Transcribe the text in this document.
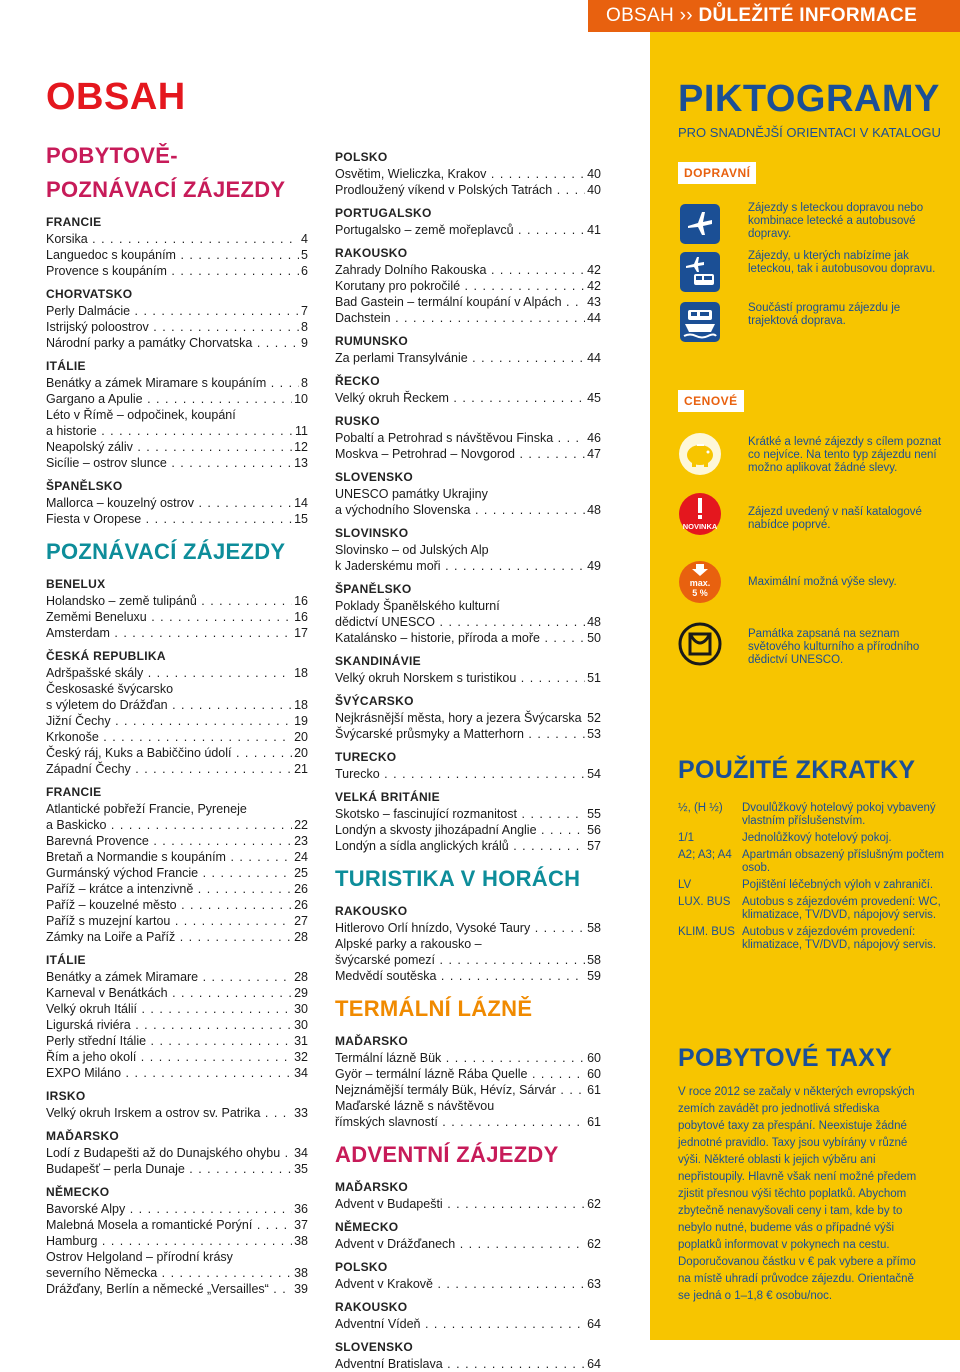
OBSAH ›› DŮLEŽITÉ INFORMACE
OBSAH
POBYTOVĚ-POZNÁVACÍ ZÁJEZDY
FRANCIE
Korsika . . .	4
Languedoc s koupáním . . .	5
Provence s koupáním . . .	6
CHORVATSKO
Perly Dalmácie . . .	7
Istrijský poloostrov . . .	8
Národní parky a památky Chorvatska . . .	9
ITÁLIE
Benátky a zámek Miramare s koupáním . . .	8
Gargano a Apulie . . .	10
Léto v Římě – odpočinek, koupání
a historie . . .	11
Neapolský záliv . . .	12
Sicílie – ostrov slunce . . .	13
ŠPANĚLSKO
Mallorca – kouzelný ostrov . . .	14
Fiesta v Oropese . . .	15
POZNÁVACÍ ZÁJEZDY
BENELUX
Holandsko – země tulipánů . . .	16
Zeměmi Beneluxu . . .	16
Amsterdam . . .	17
ČESKÁ REPUBLIKA
Adršpašské skály . . .	18
Českosaské švýcarsko
s výletem do Drážďan . . .	18
Jižní Čechy . . .	19
Krkonoše . . .	20
Český ráj, Kuks a Babiččino údolí . . .	20
Západní Čechy . . .	21
FRANCIE
Atlantické pobřeží Francie, Pyreneje
a Baskicko . . .	22
Barevná Provence . . .	23
Bretaň a Normandie s koupáním . . .	24
Gurmánský východ Francie . . .	25
Paříž – krátce a intenzivně . . .	26
Paříž – kouzelné město . . .	26
Paříž s muzejní kartou . . .	27
Zámky na Loiře a Paříž . . .	28
ITÁLIE
Benátky a zámek Miramare . . .	28
Karneval v Benátkách . . .	29
Velký okruh Itálií . . .	30
Ligurská riviéra . . .	30
Perly střední Itálie . . .	31
Řím a jeho okolí . . .	32
EXPO Miláno . . .	34
IRSKO
Velký okruh Irskem a ostrov sv. Patrika . . .	33
MAĎARSKO
Lodí z Budapešti až do Dunajského ohybu . . .	34
Budapešť – perla Dunaje . . .	35
NĚMECKO
Bavorské Alpy . . .	36
Malebná Mosela a romantické Porýní . . .	37
Hamburg . . .	38
Ostrov Helgoland – přírodní krásy
severního Německa . . .	38
Drážďany, Berlín a německé „Versailles“ . . .	39
POLSKO
Osvětim, Wieliczka, Krakov . . .	40
Prodloužený víkend v Polských Tatrách . . .	40
PORTUGALSKO
Portugalsko – země mořeplavců . . .	41
RAKOUSKO
Zahrady Dolního Rakouska . . .	42
Korutany pro pokročilé . . .	42
Bad Gastein – termální koupání v Alpách . . .	43
Dachstein . . .	44
RUMUNSKO
Za perlami Transylvánie . . .	44
ŘECKO
Velký okruh Řeckem . . .	45
RUSKO
Pobaltí a Petrohrad s návštěvou Finska . . .	46
Moskva – Petrohrad – Novgorod . . .	47
SLOVENSKO
UNESCO památky Ukrajiny
a východního Slovenska . . .	48
SLOVINSKO
Slovinsko – od Julských Alp
k Jaderskému moři . . .	49
ŠPANĚLSKO
Poklady Španělského kulturní
dědictví UNESCO . . .	48
Katalánsko – historie, příroda a moře . . .	50
SKANDINÁVIE
Velký okruh Norskem s turistikou . . .	51
ŠVÝCARSKO
Nejkrásnější města, hory a jezera Švýcarska . . . 52
Švýcarské průsmyky a Matterhorn . . .	53
TURECKO
Turecko . . .	54
VELKÁ BRITÁNIE
Skotsko – fascinující rozmanitost . . .	55
Londýn a skvosty jihozápadní Anglie . . .	56
Londýn a sídla anglických králů . . .	57
TURISTIKA V HORÁCH
RAKOUSKO
Hitlerovo Orlí hnízdo, Vysoké Taury . . .	58
Alpské parky a rakousko –
švýcarské pomezí . . .	58
Medvědí soutěska . . .	59
TERMÁLNÍ LÁZNĚ
MAĎARSKO
Termální lázně Bük . . .	60
Györ – termální lázně Rába Quelle . . .	60
Nejznámější termály Bük, Hévíz, Sárvár . . .	61
Maďarské lázně s návštěvou
římských slavností . . .	61
ADVENTNÍ ZÁJEZDY
MAĎARSKO
Advent v Budapešti . . .	62
NĚMECKO
Advent v Drážďanech . . .	62
POLSKO
Advent v Krakově . . .	63
RAKOUSKO
Adventní Vídeň . . .	64
SLOVENSKO
Adventní Bratislava . . .	64
PIKTOGRAMY
PRO SNADNĚJŠÍ ORIENTACI V KATALOGU
DOPRAVNÍ
Zájezdy s leteckou dopravou nebo kombinace letecké a autobusové dopravy.
Zájezdy, u kterých nabízíme jak leteckou, tak i autobusovou dopravu.
Součástí programu zájezdu je trajektová doprava.
CENOVÉ
Krátké a levné zájezdy s cílem poznat co nejvíce. Na tento typ zájezdu není možno aplikovat žádné slevy.
NOVINKA
Zájezd uvedený v naší katalogové nabídce poprvé.
max.
5 %
Maximální možná výše slevy.
Památka zapsaná na seznam světového kulturního a přírodního dědictví UNESCO.
POUŽITÉ ZKRATKY
½, (H ½)	Dvoulůžkový hotelový pokoj vybavený vlastním příslušenstvím.
1/1	Jednolůžkový hotelový pokoj.
A2; A3; A4 Apartmán obsazený příslušným počtem osob.
LV	Pojištění léčebných výloh v zahraničí.
LUX. BUS	Autobus s zájezdovém provedení: WC, klimatizace, TV/DVD, nápojový servis.
KLIM. BUS Autobus v zájezdovém provedení: klimatizace, TV/DVD, nápojový servis.
POBYTOVÉ TAXY
V roce 2012 se začaly v některých evropských zemích zavádět pro jednotlivá střediska pobytové taxy za přespání. Neexistuje žádné jednotné pravidlo. Taxy jsou vybírány v různé výši. Některé oblasti k jejich výběru ani nepřistoupily. Hlavně však není možné předem zjistit přesnou výši těchto poplatků. Abychom zbytečně nenavyšovali ceny i tam, kde by to nebylo nutné, budeme vás o případné výši poplatků informovat v pokynech na cestu. Doporučovanou částku v € pak vybere a přímo na místě uhradí průvodce zájezdu. Orientačně se jedná o 1–1,8 € osobu/noc.
